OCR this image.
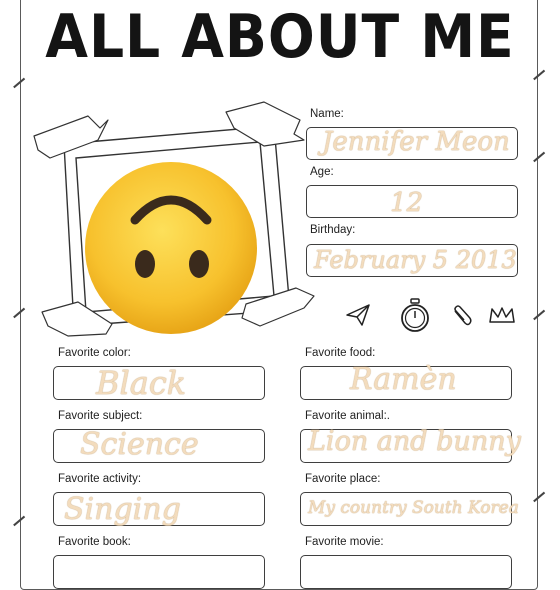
ALL ABOUT ME
Name:
Jennifer Meon
Age:
12
Birthday:
February 5 2013
Favorite color:
Black
Favorite subject:
Science
Favorite activity:
Singing
Favorite book:
Favorite food:
Ramèn
Favorite animal:.
Lion and bunny
Favorite place:
My country South Korea
Favorite movie:
